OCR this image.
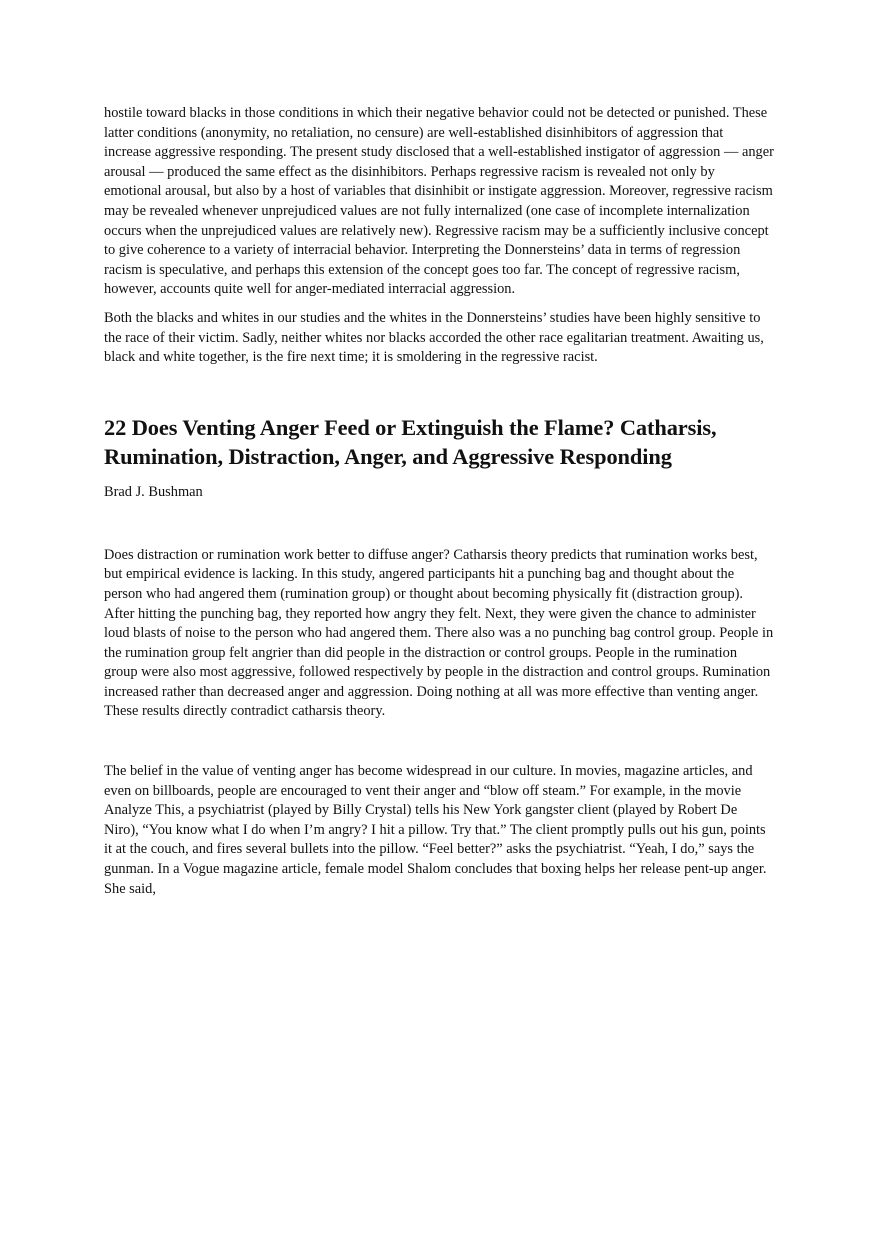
hostile toward blacks in those conditions in which their negative behavior could not be detected or punished. These latter conditions (anonymity, no retaliation, no censure) are well-established disinhibitors of aggression that increase aggressive responding. The present study disclosed that a well-established instigator of aggression — anger arousal — produced the same effect as the disinhibitors. Perhaps regressive racism is revealed not only by emotional arousal, but also by a host of variables that disinhibit or instigate aggression. Moreover, regressive racism may be revealed whenever unprejudiced values are not fully internalized (one case of incomplete internalization occurs when the unprejudiced values are relatively new). Regressive racism may be a sufficiently inclusive concept to give coherence to a variety of interracial behavior. Interpreting the Donnersteins’ data in terms of regression racism is speculative, and perhaps this extension of the concept goes too far. The concept of regressive racism, however, accounts quite well for anger-mediated interracial aggression.

Both the blacks and whites in our studies and the whites in the Donnersteins’ studies have been highly sensitive to the race of their victim. Sadly, neither whites nor blacks accorded the other race egalitarian treatment. Awaiting us, black and white together, is the fire next time; it is smoldering in the regressive racist.

22 Does Venting Anger Feed or Extinguish the Flame? Catharsis, Rumination, Distraction, Anger, and Aggressive Responding

Brad J. Bushman

Does distraction or rumination work better to diffuse anger? Catharsis theory predicts that rumination works best, but empirical evidence is lacking. In this study, angered participants hit a punching bag and thought about the person who had angered them (rumination group) or thought about becoming physically fit (distraction group). After hitting the punching bag, they reported how angry they felt. Next, they were given the chance to administer loud blasts of noise to the person who had angered them. There also was a no punching bag control group. People in the rumination group felt angrier than did people in the distraction or control groups. People in the rumination group were also most aggressive, followed respectively by people in the distraction and control groups. Rumination increased rather than decreased anger and aggression. Doing nothing at all was more effective than venting anger. These results directly contradict catharsis theory.

The belief in the value of venting anger has become widespread in our culture. In movies, magazine articles, and even on billboards, people are encouraged to vent their anger and “blow off steam.” For example, in the movie Analyze This, a psychiatrist (played by Billy Crystal) tells his New York gangster client (played by Robert De Niro), “You know what I do when I’m angry? I hit a pillow. Try that.” The client promptly pulls out his gun, points it at the couch, and fires several bullets into the pillow. “Feel better?” asks the psychiatrist. “Yeah, I do,” says the gunman. In a Vogue magazine article, female model Shalom concludes that boxing helps her release pent-up anger. She said,
